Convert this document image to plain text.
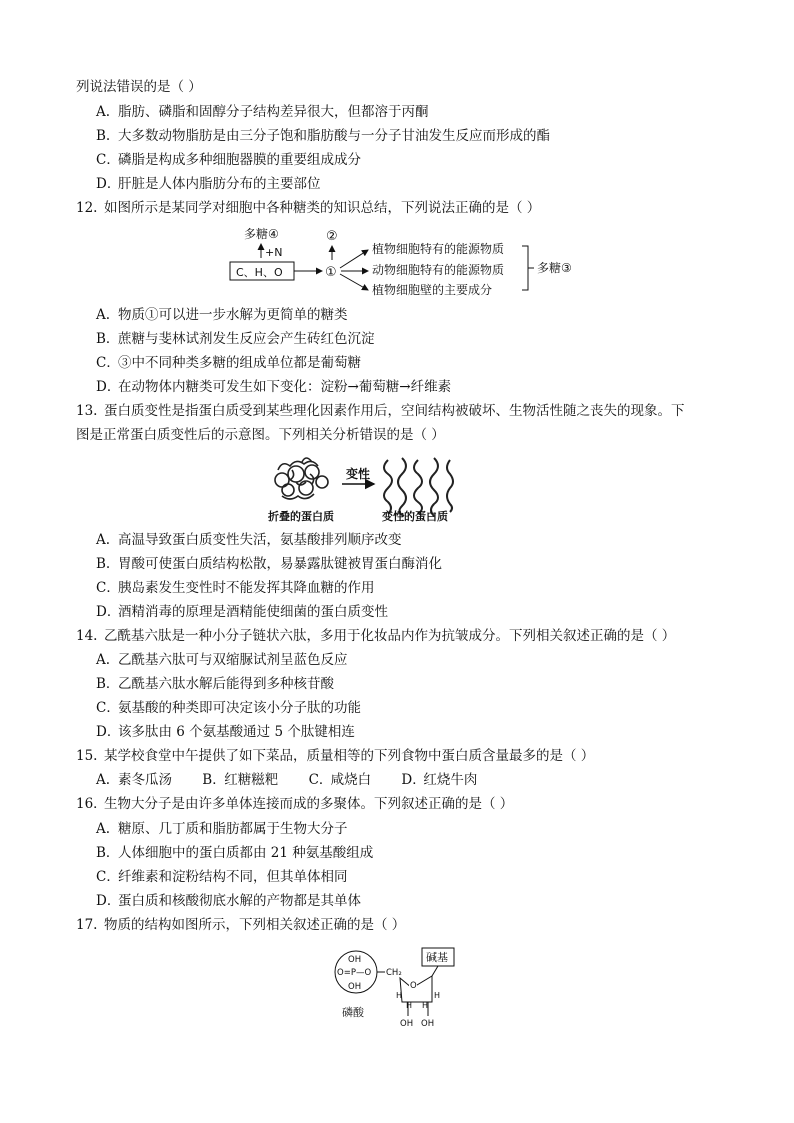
列说法错误的是（ ）
A. 脂肪、磷脂和固醇分子结构差异很大，但都溶于丙酮
B. 大多数动物脂肪是由三分子饱和脂肪酸与一分子甘油发生反应而形成的酯
C．磷脂是构成多种细胞器膜的重要组成成分
D．肝脏是人体内脂肪分布的主要部位
12. 如图所示是某同学对细胞中各种糖类的知识总结，下列说法正确的是（ ）
多糖④
+N
C、H、O	①
②
植物细胞特有的能源物质
动物细胞特有的能源物质
植物细胞壁的主要成分
多糖③
A. 物质①可以进一步水解为更简单的糖类
B．蔗糖与斐林试剂发生反应会产生砖红色沉淀
C．③中不同种类多糖的组成单位都是葡萄糖
D．在动物体内糖类可发生如下变化：淀粉→葡萄糖→纤维素
13. 蛋白质变性是指蛋白质受到某些理化因素作用后，空间结构被破坏、生物活性随之丧失的现象。下
图是正常蛋白质变性后的示意图。下列相关分析错误的是（ ）
变性
折叠的蛋白质	变性的蛋白质
A. 高温导致蛋白质变性失活，氨基酸排列顺序改变
B. 胃酸可使蛋白质结构松散，易暴露肽键被胃蛋白酶消化
C．胰岛素发生变性时不能发挥其降血糖的作用
D．酒精消毒的原理是酒精能使细菌的蛋白质变性
14. 乙酰基六肽是一种小分子链状六肽，多用于化妆品内作为抗皱成分。下列相关叙述正确的是（ ）
A. 乙酰基六肽可与双缩脲试剂呈蓝色反应
B．乙酰基六肽水解后能得到多种核苷酸
C．氨基酸的种类即可决定该小分子肽的功能
D．该多肽由 6 个氨基酸通过 5 个肽键相连
15. 某学校食堂中午提供了如下菜品，质量相等的下列食物中蛋白质含量最多的是（ ）
A. 素冬瓜汤 B．红糖糍粑 C．咸烧白 D．红烧牛肉
16．生物大分子是由许多单体连接而成的多聚体。下列叙述正确的是（ ）
A. 糖原、几丁质和脂肪都属于生物大分子
B．人体细胞中的蛋白质都由 21 种氨基酸组成
C．纤维素和淀粉结构不同，但其单体相同
D．蛋白质和核酸彻底水解的产物都是其单体
17. 物质的结构如图所示，下列相关叙述正确的是（ ）
OH
O=P—O
OH
CH₂
磷酸
碱基
O
H
H H
H
OH OH
